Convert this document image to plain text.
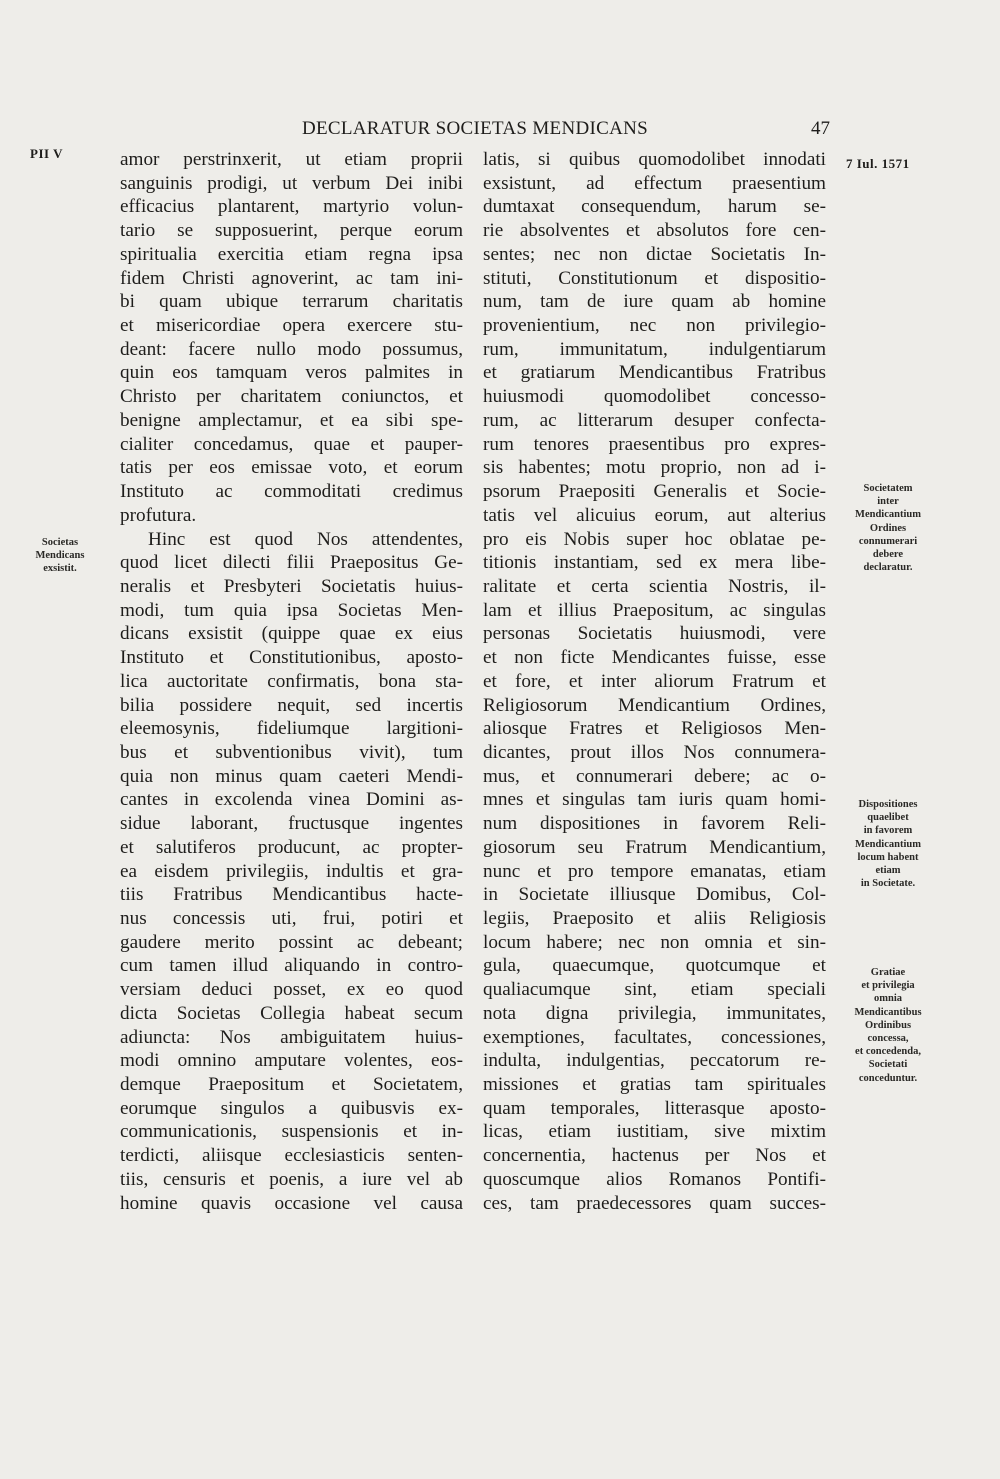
DECLARATUR SOCIETAS MENDICANS	47
PII V
7 Iul. 1571

amor perstrinxerit, ut etiam proprii
sanguinis prodigi, ut verbum Dei inibi
efficacius plantarent, martyrio volun-
tario se supposuerint, perque eorum
spiritualia exercitia etiam regna ipsa
fidem Christi agnoverint, ac tam ini-
bi quam ubique terrarum charitatis
et misericordiae opera exercere stu-
deant: facere nullo modo possumus,
quin eos tamquam veros palmites in
Christo per charitatem coniunctos, et
benigne amplectamur, et ea sibi spe-
cialiter concedamus, quae et pauper-
tatis per eos emissae voto, et eorum
Instituto ac commoditati credimus
profutura.
Hinc est quod Nos attendentes,
quod licet dilecti filii Praepositus Ge-
neralis et Presbyteri Societatis huius-
modi, tum quia ipsa Societas Men-
dicans exsistit (quippe quae ex eius
Instituto et Constitutionibus, aposto-
lica auctoritate confirmatis, bona sta-
bilia possidere nequit, sed incertis
eleemosynis, fideliumque largitioni-
bus et subventionibus vivit), tum
quia non minus quam caeteri Mendi-
cantes in excolenda vinea Domini as-
sidue laborant, fructusque ingentes
et salutiferos producunt, ac propter-
ea eisdem privilegiis, indultis et gra-
tiis Fratribus Mendicantibus hacte-
nus concessis uti, frui, potiri et
gaudere merito possint ac debeant;
cum tamen illud aliquando in contro-
versiam deduci posset, ex eo quod
dicta Societas Collegia habeat secum
adiuncta: Nos ambiguitatem huius-
modi omnino amputare volentes, eos-
demque Praepositum et Societatem,
eorumque singulos a quibusvis ex-
communicationis, suspensionis et in-
terdicti, aliisque ecclesiasticis senten-
tiis, censuris et poenis, a iure vel ab
homine quavis occasione vel causa
latis, si quibus quomodolibet innodati
exsistunt, ad effectum praesentium
dumtaxat consequendum, harum se-
rie absolventes et absolutos fore cen-
sentes; nec non dictae Societatis In-
stituti, Constitutionum et dispositio-
num, tam de iure quam ab homine
provenientium, nec non privilegio-
rum, immunitatum, indulgentiarum
et gratiarum Mendicantibus Fratribus
huiusmodi quomodolibet concesso-
rum, ac litterarum desuper confecta-
rum tenores praesentibus pro expres-
sis habentes; motu proprio, non ad i-
psorum Praepositi Generalis et Socie-
tatis vel alicuius eorum, aut alterius
pro eis Nobis super hoc oblatae pe-
titionis instantiam, sed ex mera libe-
ralitate et certa scientia Nostris, il-
lam et illius Praepositum, ac singulas
personas Societatis huiusmodi, vere
et non ficte Mendicantes fuisse, esse
et fore, et inter aliorum Fratrum et
Religiosorum Mendicantium Ordines,
aliosque Fratres et Religiosos Men-
dicantes, prout illos Nos connumera-
mus, et connumerari debere; ac o-
mnes et singulas tam iuris quam homi-
num dispositiones in favorem Reli-
giosorum seu Fratrum Mendicantium,
nunc et pro tempore emanatas, etiam
in Societate illiusque Domibus, Col-
legiis, Praeposito et aliis Religiosis
locum habere; nec non omnia et sin-
gula, quaecumque, quotcumque et
qualiacumque sint, etiam speciali
nota digna privilegia, immunitates,
exemptiones, facultates, concessiones,
indulta, indulgentias, peccatorum re-
missiones et gratias tam spirituales
quam temporales, litterasque aposto-
licas, etiam iustitiam, sive mixtim
concernentia, hactenus per Nos et
quoscumque alios Romanos Pontifi-
ces, tam praedecessores quam succes-
Societas
Mendicans
exsistit.
Societatem
inter
Mendicantium
Ordines
connumerari
debere
declaratur.
Dispositiones
quaelibet
in favorem
Mendicantium
locum habent
etiam
in Societate.
Gratiae
et privilegia
omnia
Mendicantibus
Ordinibus
concessa,
et concedenda,
Societati
conceduntur.
